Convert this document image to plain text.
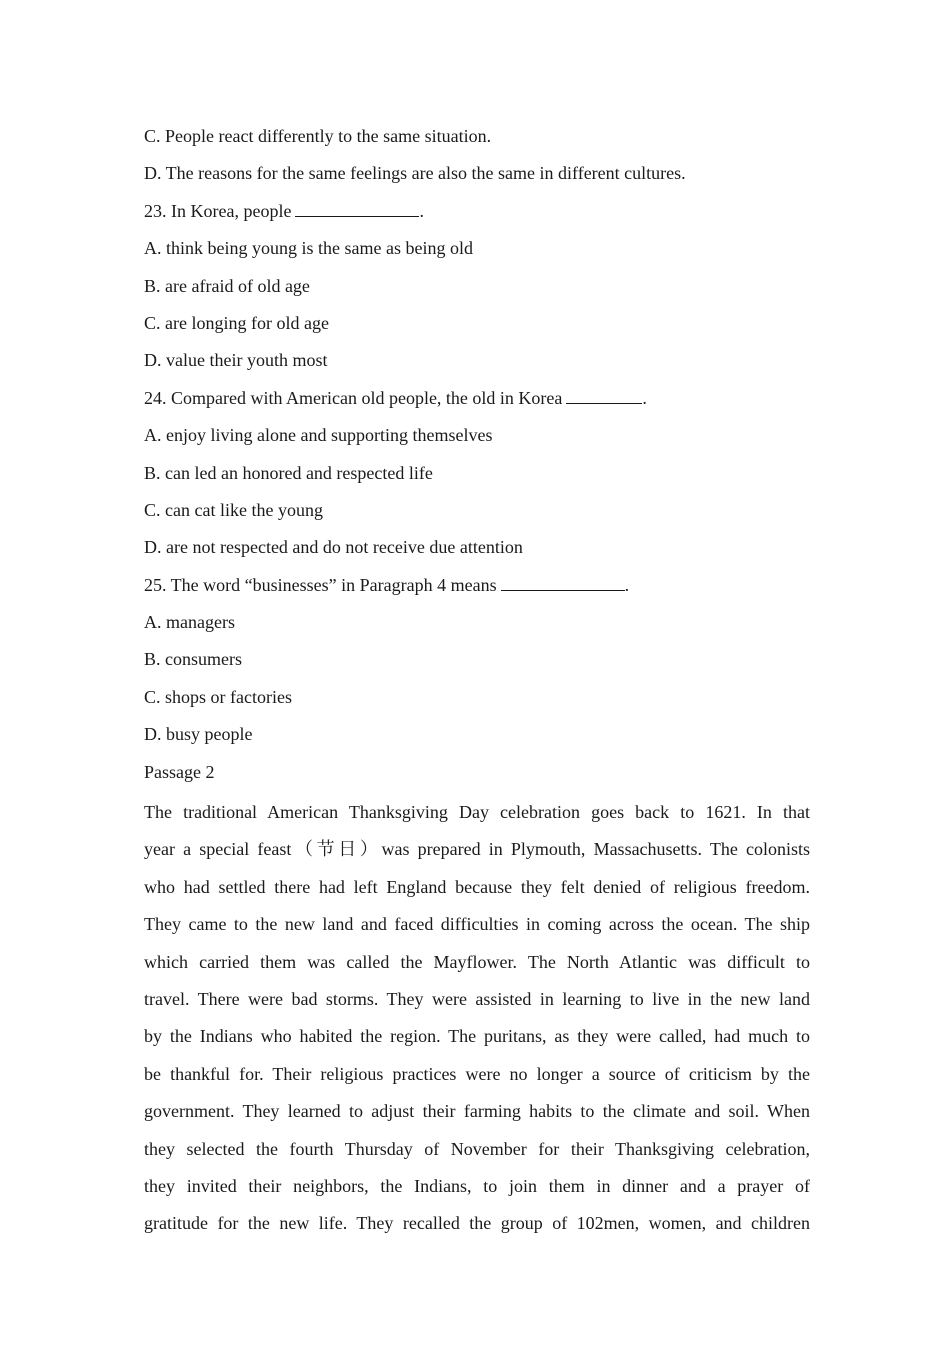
C. People react differently to the same situation.
D. The reasons for the same feelings are also the same in different cultures.
23. In Korea, people	.
A. think being young is the same as being old
B. are afraid of old age
C. are longing for old age
D. value their youth most
24. Compared with American old people, the old in Korea	.
A. enjoy living alone and supporting themselves
B. can led an honored and respected life
C. can cat like the young
D. are not respected and do not receive due attention
25. The word “businesses” in Paragraph 4 means	.
A. managers
B. consumers
C. shops or factories
D. busy people
Passage 2
The traditional American Thanksgiving Day celebration goes back to 1621. In that
year a special feast（节日）was prepared in Plymouth, Massachusetts. The colonists
who had settled there had left England because they felt denied of religious freedom.
They came to the new land and faced difficulties in coming across the ocean. The ship
which carried them was called the Mayflower. The North Atlantic was difficult to
travel. There were bad storms. They were assisted in learning to live in the new land
by the Indians who habited the region. The puritans, as they were called, had much to
be thankful for. Their religious practices were no longer a source of criticism by the
government. They learned to adjust their farming habits to the climate and soil. When
they selected the fourth Thursday of November for their Thanksgiving celebration,
they invited their neighbors, the Indians, to join them in dinner and a prayer of
gratitude for the new life. They recalled the group of 102men, women, and children
